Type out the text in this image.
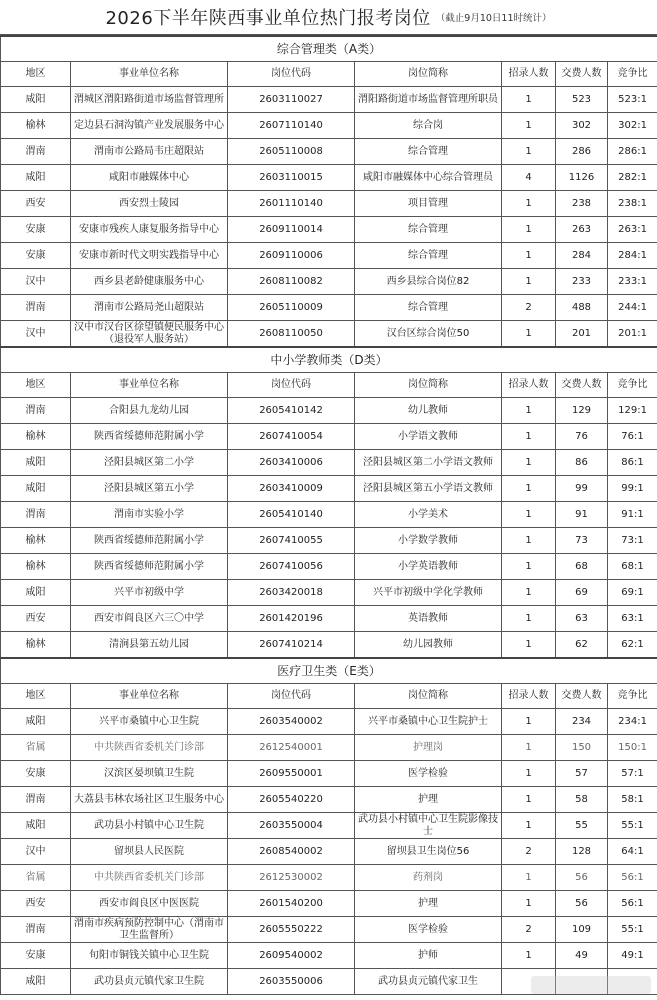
2026下半年陕西事业单位热门报考岗位 （截止9月10日11时统计）
综合管理类（A类）						
地区	事业单位名称	岗位代码	岗位简称	招录人数	交费人数	竞争比
咸阳	渭城区渭阳路街道市场监督管理所	2603110027	渭阳路街道市场监督管理所职员	1	523	523:1
榆林	定边县石洞沟镇产业发展服务中心	2607110140	综合岗	1	302	302:1
渭南	渭南市公路局韦庄超限站	2605110008	综合管理	1	286	286:1
咸阳	咸阳市融媒体中心	2603110015	咸阳市融媒体中心综合管理员	4	1126	282:1
西安	西安烈士陵园	2601110140	项目管理	1	238	238:1
安康	安康市残疾人康复服务指导中心	2609110014	综合管理	1	263	263:1
安康	安康市新时代文明实践指导中心	2609110006	综合管理	1	284	284:1
汉中	西乡县老龄健康服务中心	2608110082	西乡县综合岗位82	1	233	233:1
渭南	渭南市公路局尧山超限站	2605110009	综合管理	2	488	244:1
汉中	汉中市汉台区徐望镇便民服务中心（退役军人服务站）	2608110050	汉台区综合岗位50	1	201	201:1
中小学教师类（D类）						
地区	事业单位名称	岗位代码	岗位简称	招录人数	交费人数	竞争比
渭南	合阳县九龙幼儿园	2605410142	幼儿教师	1	129	129:1
榆林	陕西省绥德师范附属小学	2607410054	小学语文教师	1	76	76:1
咸阳	泾阳县城区第二小学	2603410006	泾阳县城区第二小学语文教师	1	86	86:1
咸阳	泾阳县城区第五小学	2603410009	泾阳县城区第五小学语文教师	1	99	99:1
渭南	渭南市实验小学	2605410140	小学美术	1	91	91:1
榆林	陕西省绥德师范附属小学	2607410055	小学数学教师	1	73	73:1
榆林	陕西省绥德师范附属小学	2607410056	小学英语教师	1	68	68:1
咸阳	兴平市初级中学	2603420018	兴平市初级中学化学教师	1	69	69:1
西安	西安市阎良区六三〇中学	2601420196	英语教师	1	63	63:1
榆林	清涧县第五幼儿园	2607410214	幼儿园教师	1	62	62:1
医疗卫生类（E类）						
地区	事业单位名称	岗位代码	岗位简称	招录人数	交费人数	竞争比
咸阳	兴平市桑镇中心卫生院	2603540002	兴平市桑镇中心卫生院护士	1	234	234:1
省属	中共陕西省委机关门诊部	2612540001	护理岗	1	150	150:1
安康	汉滨区晏坝镇卫生院	2609550001	医学检验	1	57	57:1
渭南	大荔县韦林农场社区卫生服务中心	2605540220	护理	1	58	58:1
咸阳	武功县小村镇中心卫生院	2603550004	武功县小村镇中心卫生院影像技士	1	55	55:1
汉中	留坝县人民医院	2608540002	留坝县卫生岗位56	2	128	64:1
省属	中共陕西省委机关门诊部	2612530002	药剂岗	1	56	56:1
西安	西安市阎良区中医医院	2601540200	护理	1	56	56:1
渭南	渭南市疾病预防控制中心（渭南市卫生监督所）	2605550222	医学检验	2	109	55:1
安康	旬阳市铜钱关镇中心卫生院	2609540002	护师	1	49	49:1
咸阳	武功县贞元镇代家卫生院	2603550006	武功县贞元镇代家卫生			
